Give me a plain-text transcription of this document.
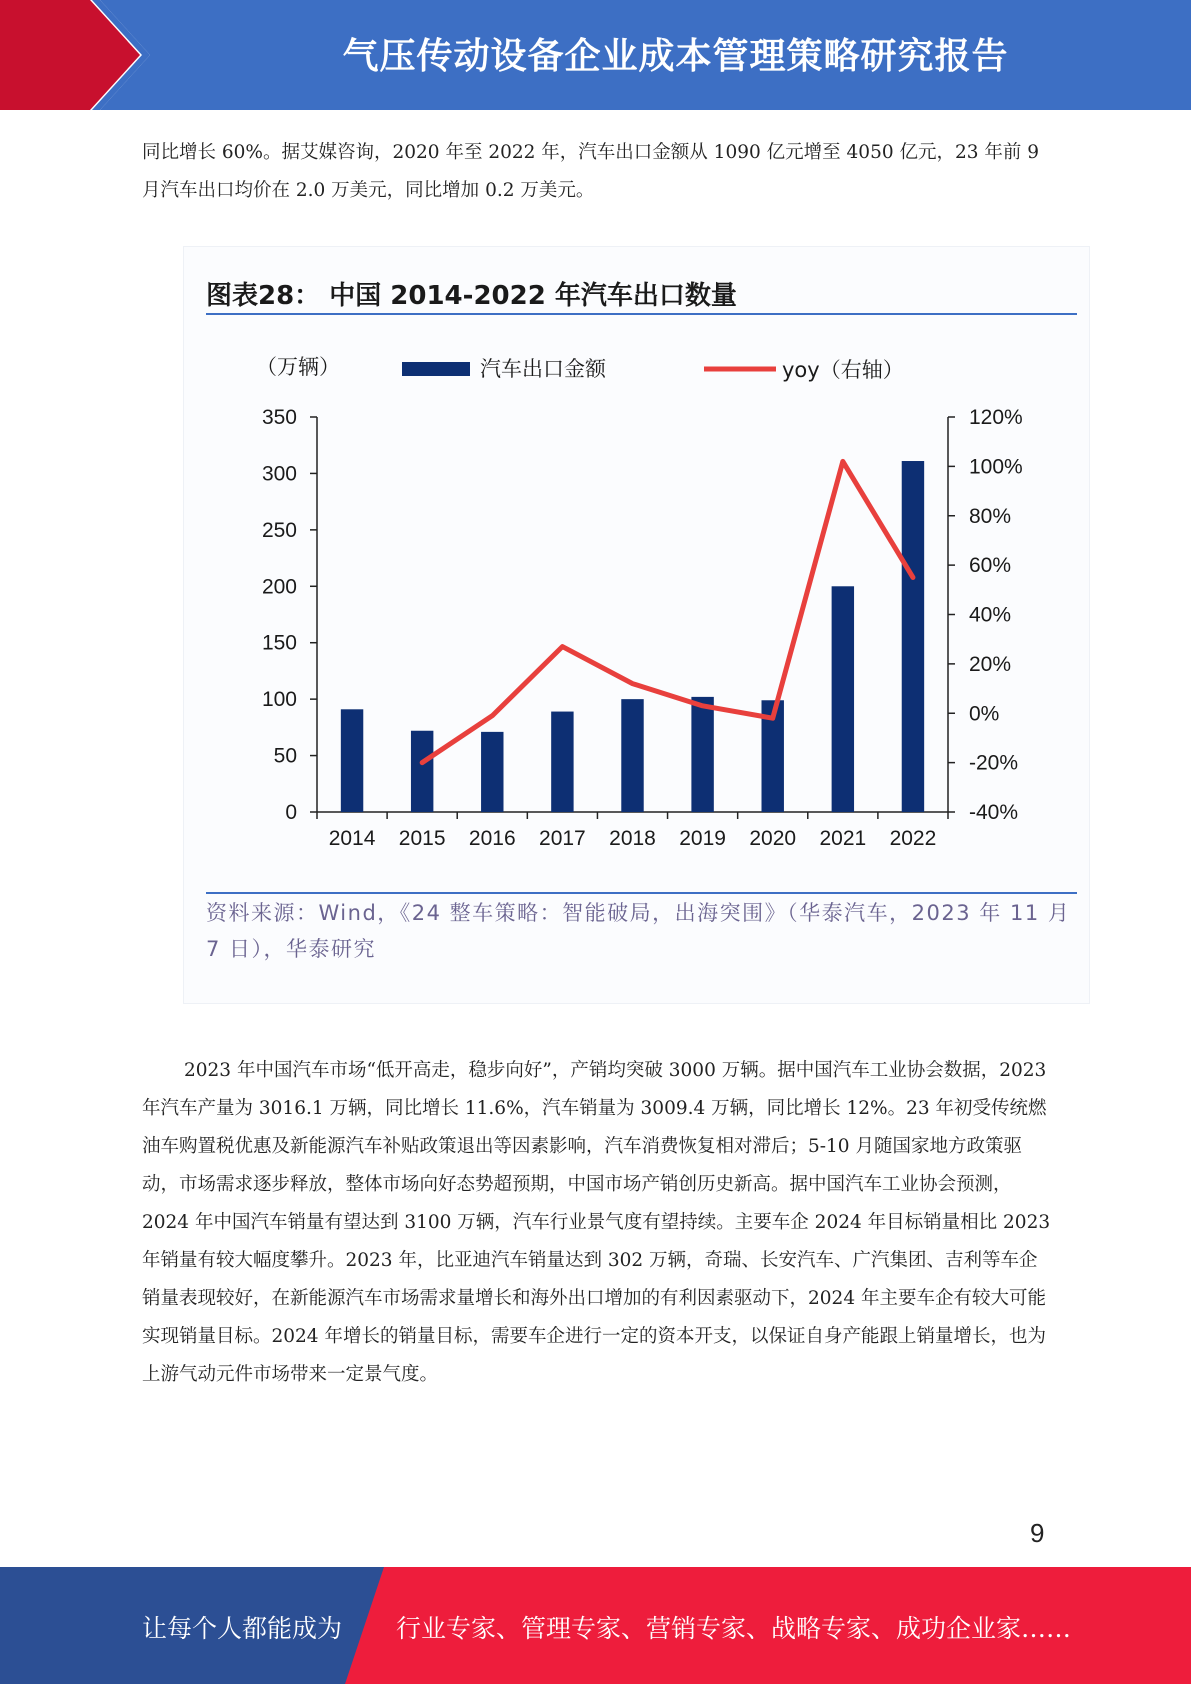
气压传动设备企业成本管理策略研究报告

同比增长 60%。据艾媒咨询，2020 年至 2022 年，汽车出口金额从 1090 亿元增至 4050 亿元，23 年前 9 月汽车出口均价在 2.0 万美元，同比增加 0.2 万美元。

图表28： 中国 2014-2022 年汽车出口数量
（万辆）	汽车出口金额	yoy（右轴）
350
300
250
200
150
100
50
0
120%
100%
80%
60%
40%
20%
0%
-20%
-40%
2014 2015 2016 2017 2018 2019 2020 2021 2022
资料来源：Wind，《24 整车策略：智能破局，出海突围》（华泰汽车，2023 年 11 月 7 日），华泰研究

2023 年中国汽车市场“低开高走，稳步向好”，产销均突破 3000 万辆。据中国汽车工业协会数据，2023 年汽车产量为 3016.1 万辆，同比增长 11.6%，汽车销量为 3009.4 万辆，同比增长 12%。23 年初受传统燃油车购置税优惠及新能源汽车补贴政策退出等因素影响，汽车消费恢复相对滞后；5-10 月随国家地方政策驱动，市场需求逐步释放，整体市场向好态势超预期，中国市场产销创历史新高。据中国汽车工业协会预测，2024 年中国汽车销量有望达到 3100 万辆，汽车行业景气度有望持续。主要车企 2024 年目标销量相比 2023 年销量有较大幅度攀升。2023 年，比亚迪汽车销量达到 302 万辆，奇瑞、长安汽车、广汽集团、吉利等车企销量表现较好，在新能源汽车市场需求量增长和海外出口增加的有利因素驱动下，2024 年主要车企有较大可能实现销量目标。2024 年增长的销量目标，需要车企进行一定的资本开支，以保证自身产能跟上销量增长，也为上游气动元件市场带来一定景气度。

9
让每个人都能成为 行业专家、管理专家、营销专家、战略专家、成功企业家……
